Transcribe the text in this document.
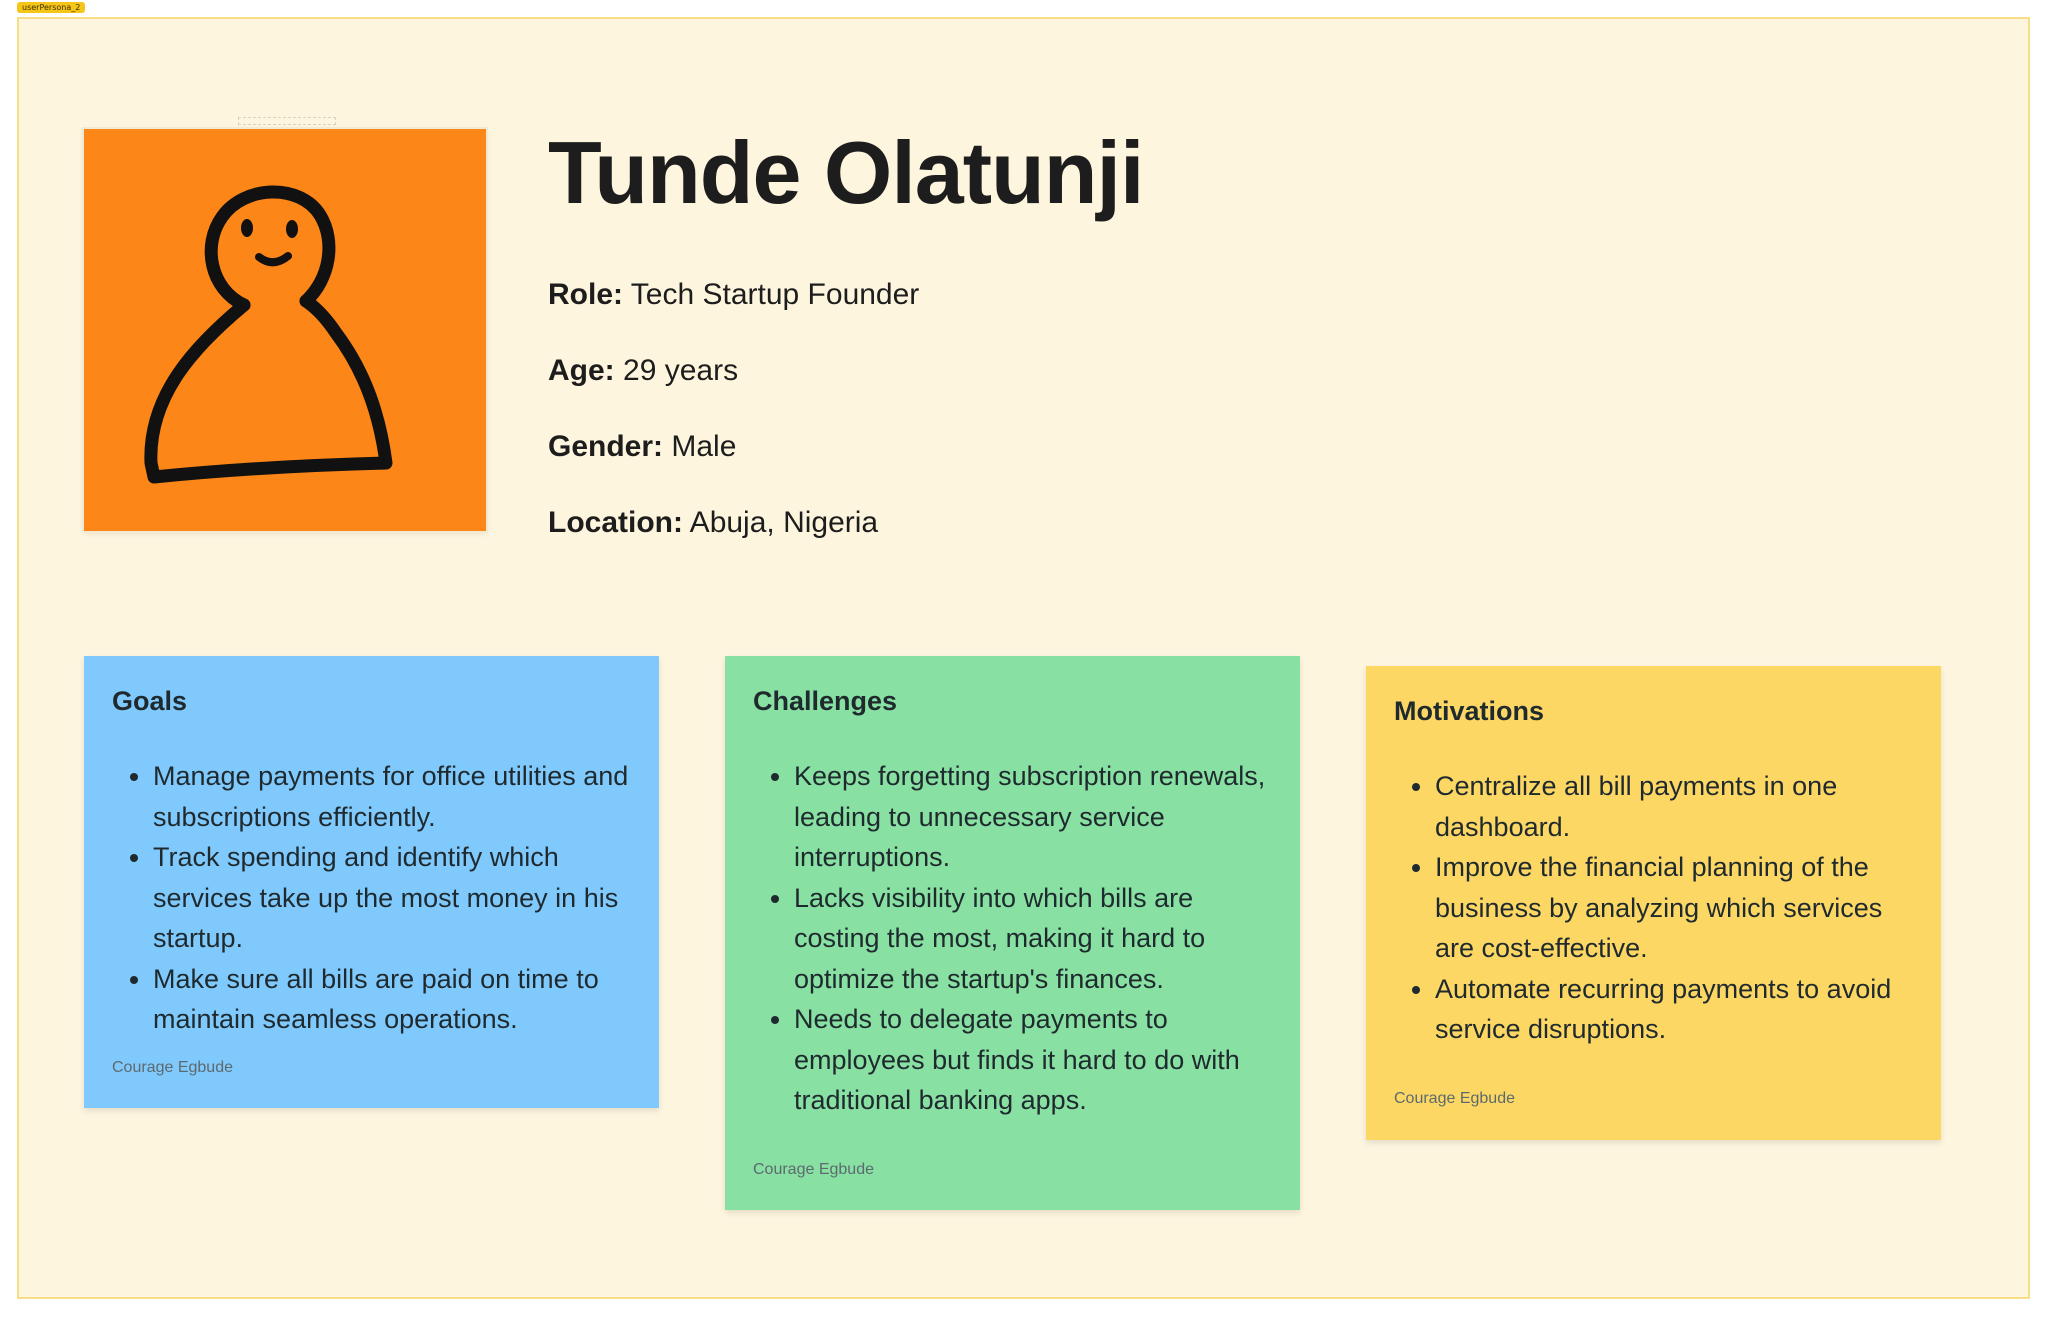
userPersona_2
Tunde Olatunji
Role: Tech Startup Founder
Age: 29 years
Gender: Male
Location: Abuja, Nigeria
Goals
• Manage payments for office utilities and subscriptions efficiently.
• Track spending and identify which services take up the most money in his startup.
• Make sure all bills are paid on time to maintain seamless operations.
Courage Egbude
Challenges
• Keeps forgetting subscription renewals, leading to unnecessary service interruptions.
• Lacks visibility into which bills are costing the most, making it hard to optimize the startup's finances.
• Needs to delegate payments to employees but finds it hard to do with traditional banking apps.
Courage Egbude
Motivations
• Centralize all bill payments in one dashboard.
• Improve the financial planning of the business by analyzing which services are cost-effective.
• Automate recurring payments to avoid service disruptions.
Courage Egbude
